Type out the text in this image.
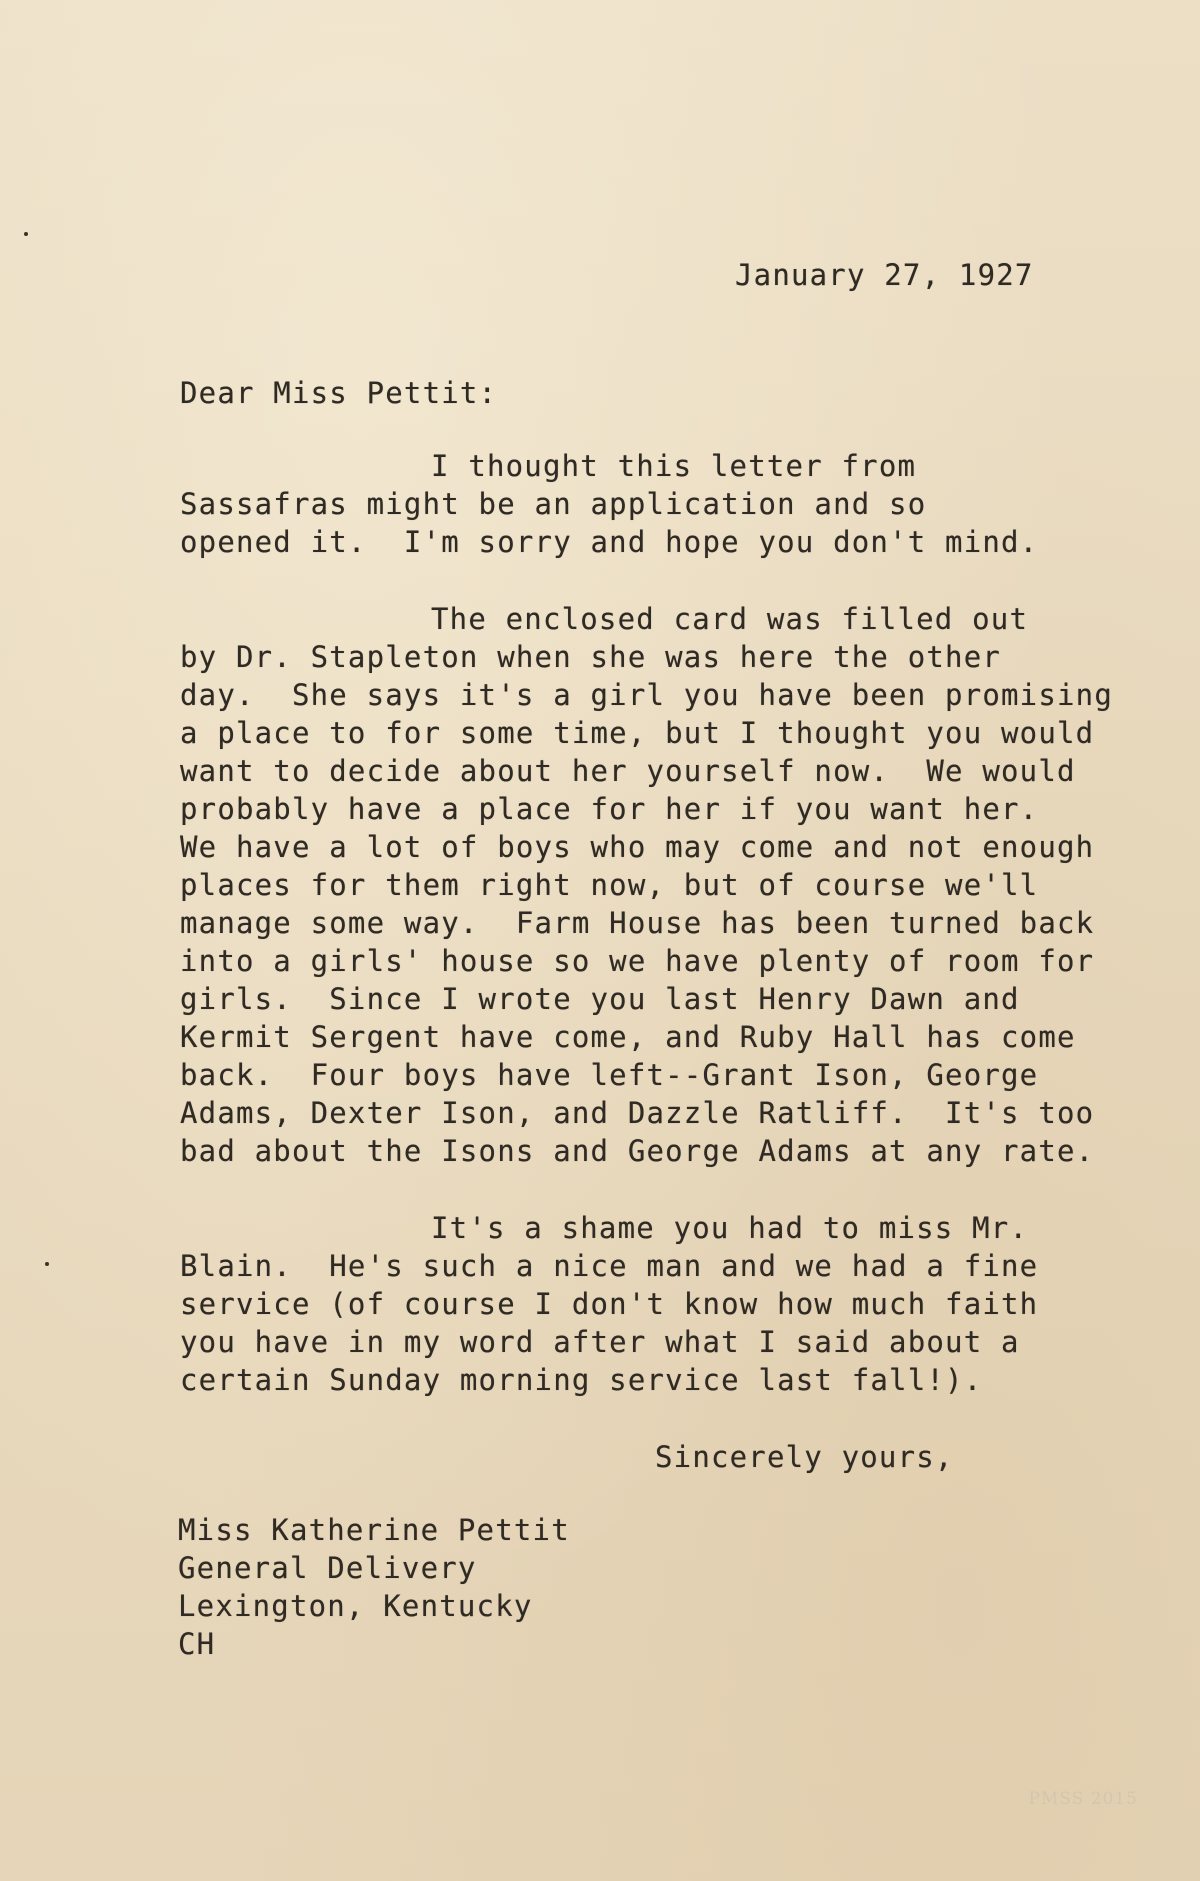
January 27, 1927
Dear Miss Pettit:
I thought this letter from
Sassafras might be an application and so
opened it.  I'm sorry and hope you don't mind.
The enclosed card was filled out
by Dr. Stapleton when she was here the other
day.  She says it's a girl you have been promising
a place to for some time, but I thought you would
want to decide about her yourself now.  We would
probably have a place for her if you want her.
We have a lot of boys who may come and not enough
places for them right now, but of course we'll
manage some way.  Farm House has been turned back
into a girls' house so we have plenty of room for
girls.  Since I wrote you last Henry Dawn and
Kermit Sergent have come, and Ruby Hall has come
back.  Four boys have left--Grant Ison, George
Adams, Dexter Ison, and Dazzle Ratliff.  It's too
bad about the Isons and George Adams at any rate.
It's a shame you had to miss Mr.
Blain.  He's such a nice man and we had a fine
service (of course I don't know how much faith
you have in my word after what I said about a
certain Sunday morning service last fall!).
Sincerely yours,
Miss Katherine Pettit
General Delivery
Lexington, Kentucky
CH
PMSS 2015
